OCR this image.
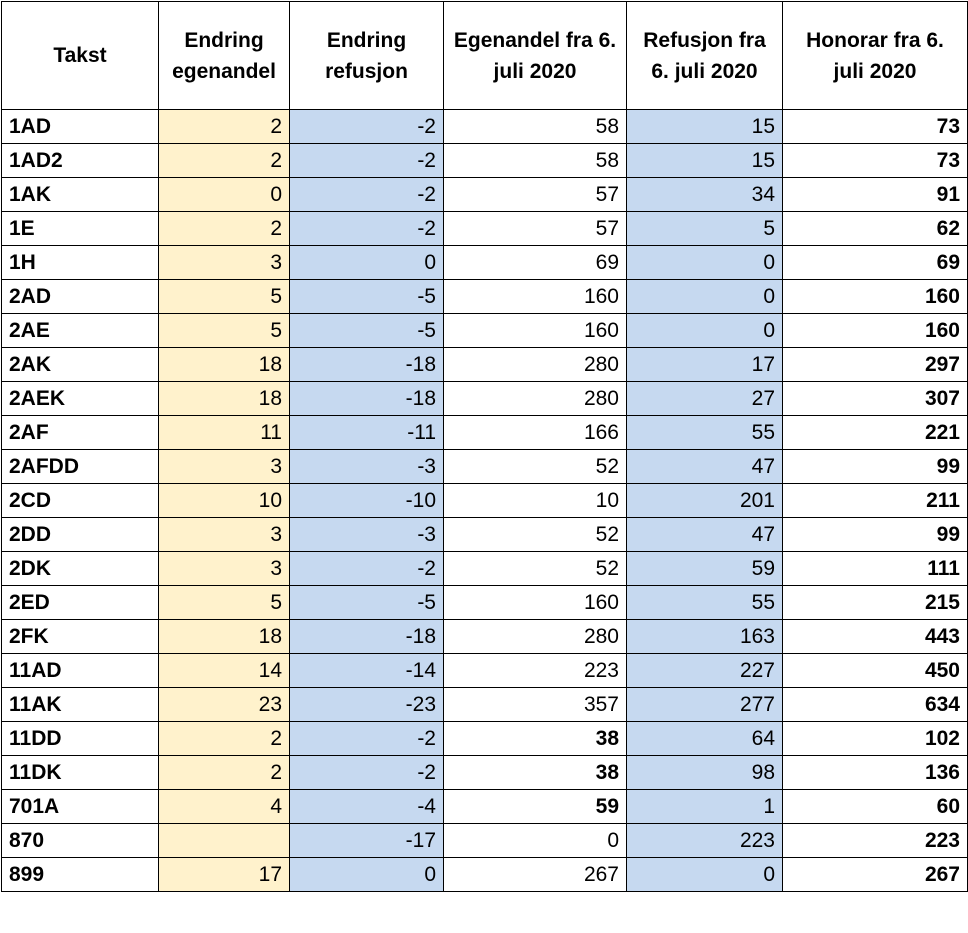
Takst	Endring egenandel	Endring refusjon	Egenandel fra 6. juli 2020	Refusjon fra 6. juli 2020	Honorar fra 6. juli 2020
1AD	2	-2	58	15	73
1AD2	2	-2	58	15	73
1AK	0	-2	57	34	91
1E	2	-2	57	5	62
1H	3	0	69	0	69
2AD	5	-5	160	0	160
2AE	5	-5	160	0	160
2AK	18	-18	280	17	297
2AEK	18	-18	280	27	307
2AF	11	-11	166	55	221
2AFDD	3	-3	52	47	99
2CD	10	-10	10	201	211
2DD	3	-3	52	47	99
2DK	3	-2	52	59	111
2ED	5	-5	160	55	215
2FK	18	-18	280	163	443
11AD	14	-14	223	227	450
11AK	23	-23	357	277	634
11DD	2	-2	38	64	102
11DK	2	-2	38	98	136
701A	4	-4	59	1	60
870		-17	0	223	223
899	17	0	267	0	267
